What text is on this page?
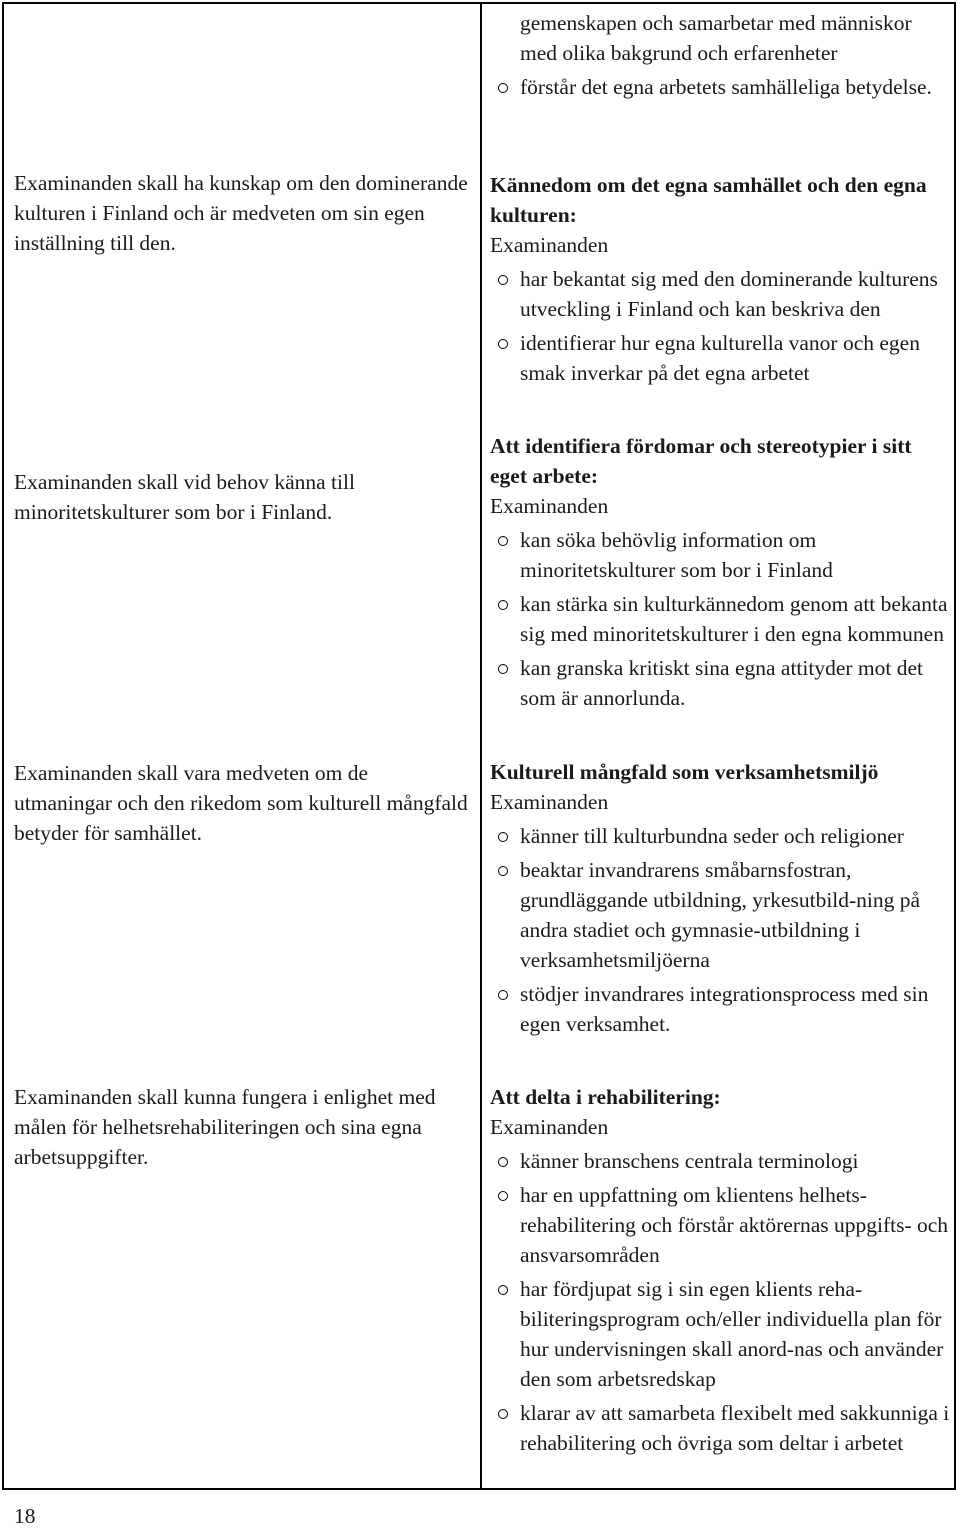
Examinanden skall ha kunskap om den dominerande kulturen i Finland och är medveten om sin egen inställning till den.

Examinanden skall vid behov känna till minoritetskulturer som bor i Finland.

Examinanden skall vara medveten om de utmaningar och den rikedom som kulturell mångfald betyder för samhället.

Examinanden skall kunna fungera i enlighet med målen för helhetsrehabiliteringen och sina egna arbetsuppgifter.

gemenskapen och samarbetar med människor med olika bakgrund och erfarenheter
förstår det egna arbetets samhälleliga betydelse.
Kännedom om det egna samhället och den egna kulturen:
Examinanden
har bekantat sig med den dominerande kulturens utveckling i Finland och kan beskriva den
identifierar hur egna kulturella vanor och egen smak inverkar på det egna arbetet
Att identifiera fördomar och stereotypier i sitt eget arbete:
Examinanden
kan söka behövlig information om minoritetskulturer som bor i Finland
kan stärka sin kulturkännedom genom att bekanta sig med minoritetskulturer i den egna kommunen
kan granska kritiskt sina egna attityder mot det som är annorlunda.
Kulturell mångfald som verksamhetsmiljö
Examinanden
känner till kulturbundna seder och religioner
beaktar invandrarens småbarnsfostran, grundläggande utbildning, yrkesutbild-ning på andra stadiet och gymnasie-utbildning i verksamhetsmiljöerna
stödjer invandrares integrationsprocess med sin egen verksamhet.
Att delta i rehabilitering:
Examinanden
känner branschens centrala terminologi
har en uppfattning om klientens helhets-rehabilitering och förstår aktörernas uppgifts- och ansvarsområden
har fördjupat sig i sin egen klients reha-biliteringsprogram och/eller individuella plan för hur undervisningen skall anord-nas och använder den som arbetsredskap
klarar av att samarbeta flexibelt med sakkunniga i rehabilitering och övriga som deltar i arbetet
18
